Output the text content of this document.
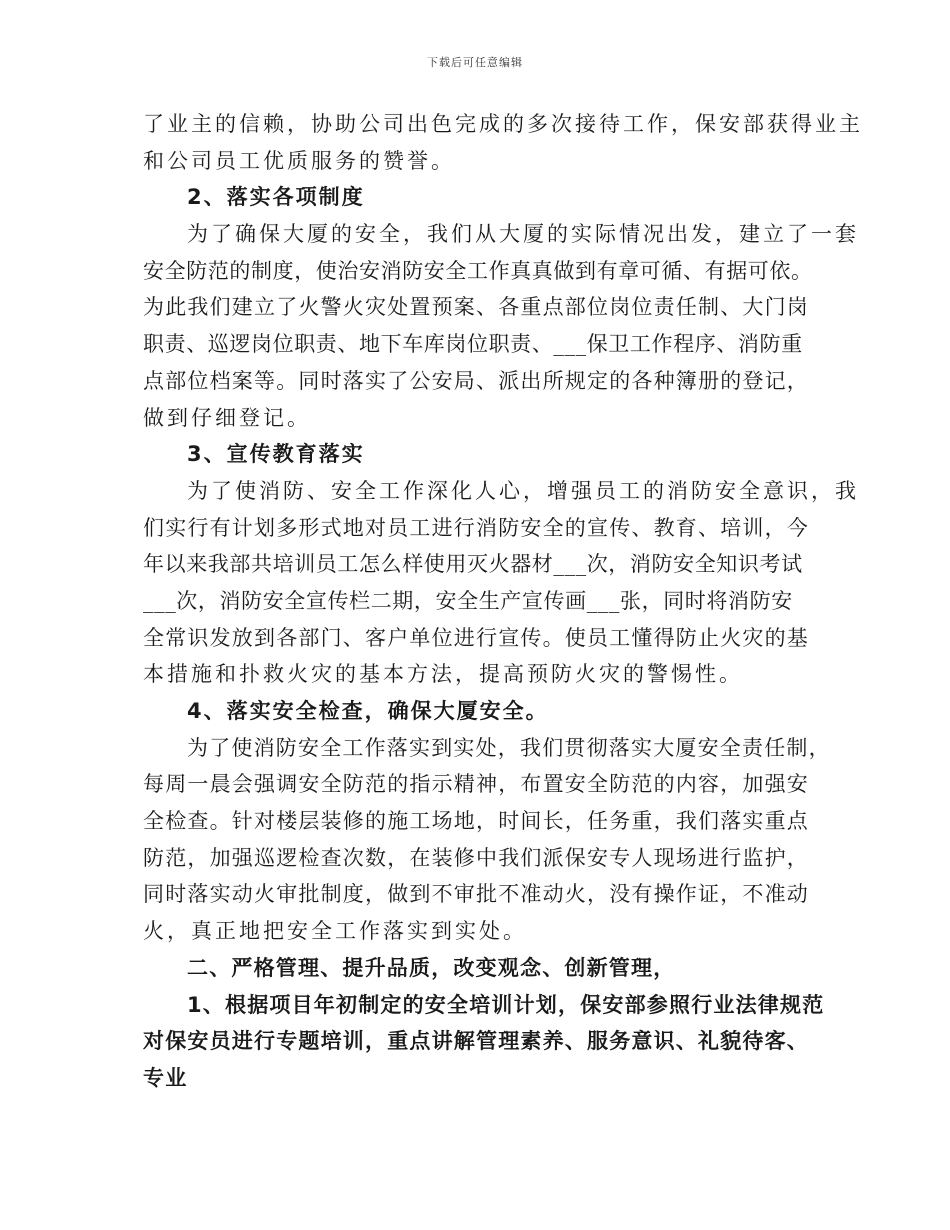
下载后可任意编辑
了业主的信赖，协助公司出色完成的多次接待工作，保安部获得业主
和公司员工优质服务的赞誉。
2、落实各项制度
为了确保大厦的安全，我们从大厦的实际情况出发，建立了一套
安全防范的制度，使治安消防安全工作真真做到有章可循、有据可依。
为此我们建立了火警火灾处置预案、各重点部位岗位责任制、大门岗
职责、巡逻岗位职责、地下车库岗位职责、___保卫工作程序、消防重
点部位档案等。同时落实了公安局、派出所规定的各种簿册的登记，
做到仔细登记。
3、宣传教育落实
为了使消防、安全工作深化人心，增强员工的消防安全意识，我
们实行有计划多形式地对员工进行消防安全的宣传、教育、培训，今
年以来我部共培训员工怎么样使用灭火器材___次，消防安全知识考试
___次，消防安全宣传栏二期，安全生产宣传画___张，同时将消防安
全常识发放到各部门、客户单位进行宣传。使员工懂得防止火灾的基
本措施和扑救火灾的基本方法，提高预防火灾的警惕性。
4、落实安全检查，确保大厦安全。
为了使消防安全工作落实到实处，我们贯彻落实大厦安全责任制，
每周一晨会强调安全防范的指示精神，布置安全防范的内容，加强安
全检查。针对楼层装修的施工场地，时间长，任务重，我们落实重点
防范，加强巡逻检查次数，在装修中我们派保安专人现场进行监护，
同时落实动火审批制度，做到不审批不准动火，没有操作证，不准动
火，真正地把安全工作落实到实处。
二、严格管理、提升品质，改变观念、创新管理，
1、根据项目年初制定的安全培训计划，保安部参照行业法律规范
对保安员进行专题培训，重点讲解管理素养、服务意识、礼貌待客、
专业
